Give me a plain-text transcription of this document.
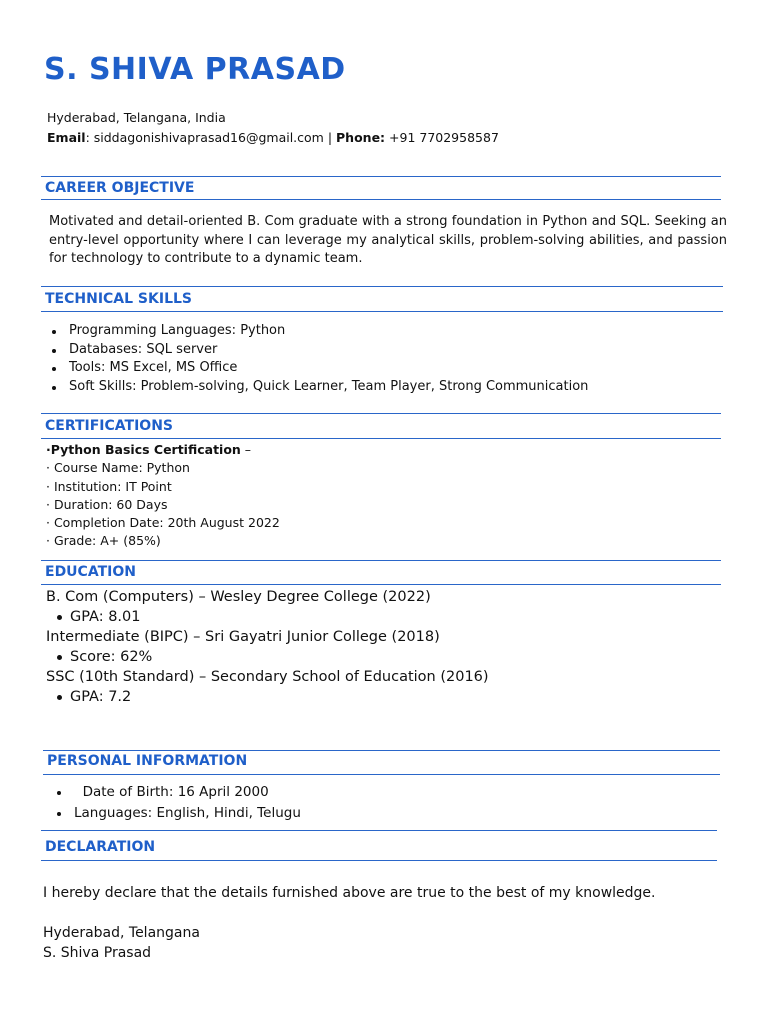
S. SHIVA PRASAD
Hyderabad, Telangana, India
Email: siddagonishivaprasad16@gmail.com | Phone: +91 7702958587
CAREER OBJECTIVE
Motivated and detail-oriented B. Com graduate with a strong foundation in Python and SQL. Seeking an entry-level opportunity where I can leverage my analytical skills, problem-solving abilities, and passion for technology to contribute to a dynamic team.
TECHNICAL SKILLS
Programming Languages: Python
Databases: SQL server
Tools: MS Excel, MS Office
Soft Skills: Problem-solving, Quick Learner, Team Player, Strong Communication
CERTIFICATIONS
·Python Basics Certification –
· Course Name: Python
· Institution: IT Point
· Duration: 60 Days
· Completion Date: 20th August 2022
· Grade: A+ (85%)
EDUCATION
B. Com (Computers) – Wesley Degree College (2022)
GPA: 8.01
Intermediate (BIPC) – Sri Gayatri Junior College (2018)
Score: 62%
SSC (10th Standard) – Secondary School of Education (2016)
GPA: 7.2
PERSONAL INFORMATION
Date of Birth: 16 April 2000
Languages: English, Hindi, Telugu
DECLARATION
I hereby declare that the details furnished above are true to the best of my knowledge.
Hyderabad, Telangana
S. Shiva Prasad
